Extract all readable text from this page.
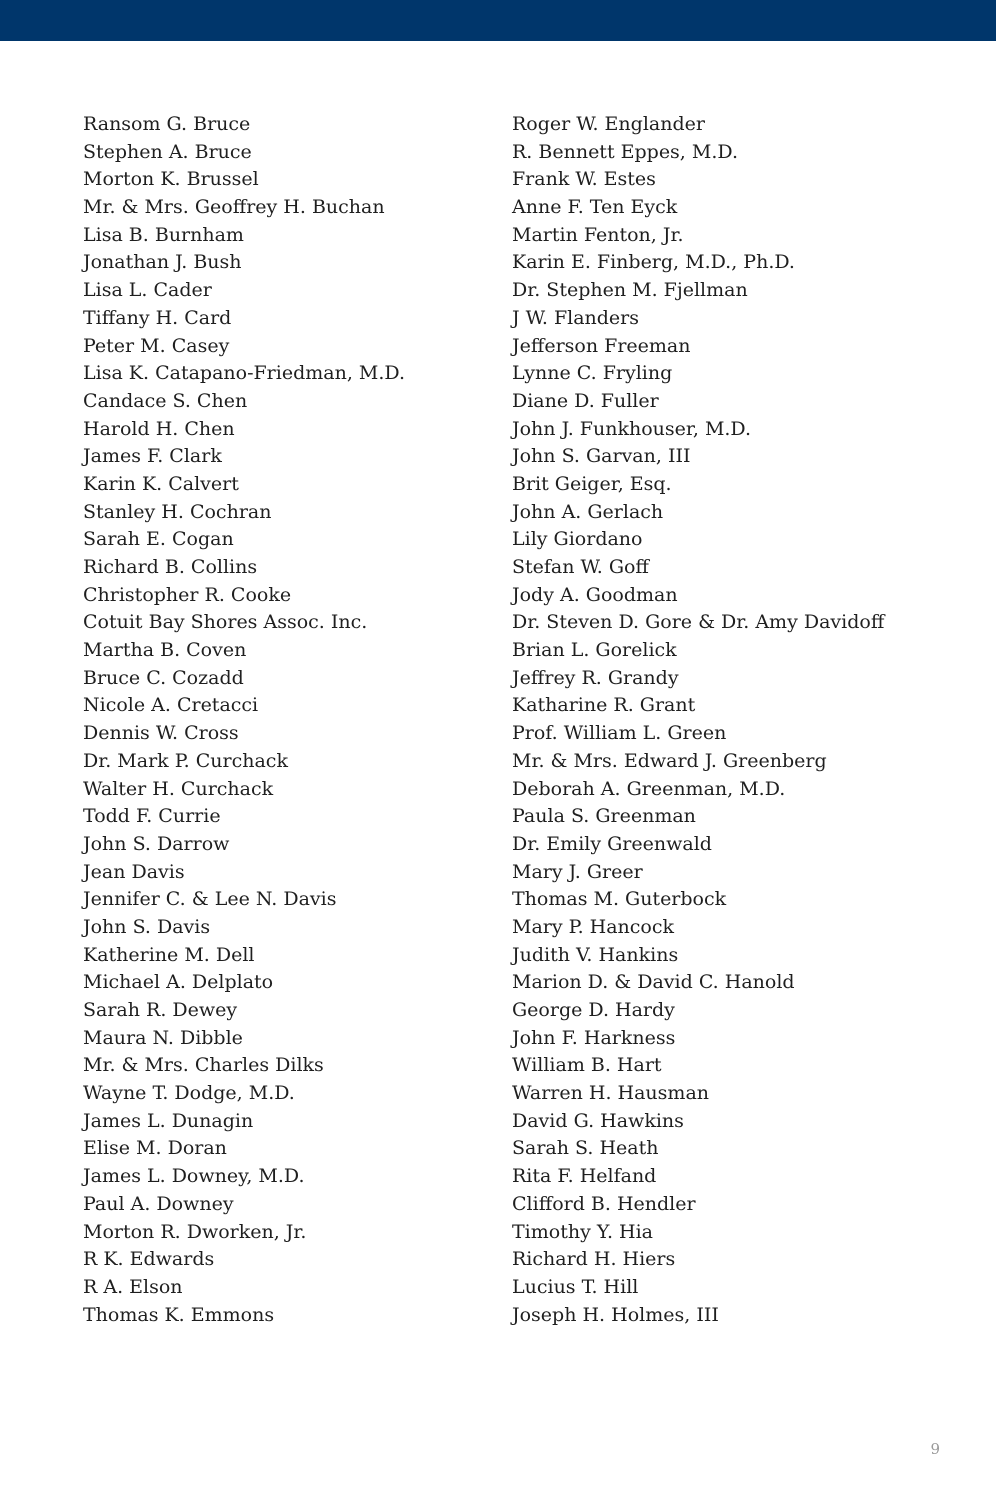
Ransom G. Bruce
Stephen A. Bruce
Morton K. Brussel
Mr. & Mrs. Geoffrey H. Buchan
Lisa B. Burnham
Jonathan J. Bush
Lisa L. Cader
Tiffany H. Card
Peter M. Casey
Lisa K. Catapano-Friedman, M.D.
Candace S. Chen
Harold H. Chen
James F. Clark
Karin K. Calvert
Stanley H. Cochran
Sarah E. Cogan
Richard B. Collins
Christopher R. Cooke
Cotuit Bay Shores Assoc. Inc.
Martha B. Coven
Bruce C. Cozadd
Nicole A. Cretacci
Dennis W. Cross
Dr. Mark P. Curchack
Walter H. Curchack
Todd F. Currie
John S. Darrow
Jean Davis
Jennifer C. & Lee N. Davis
John S. Davis
Katherine M. Dell
Michael A. Delplato
Sarah R. Dewey
Maura N. Dibble
Mr. & Mrs. Charles Dilks
Wayne T. Dodge, M.D.
James L. Dunagin
Elise M. Doran
James L. Downey, M.D.
Paul A. Downey
Morton R. Dworken, Jr.
R K. Edwards
R A. Elson
Thomas K. Emmons
Roger W. Englander
R. Bennett Eppes, M.D.
Frank W. Estes
Anne F. Ten Eyck
Martin Fenton, Jr.
Karin E. Finberg, M.D., Ph.D.
Dr. Stephen M. Fjellman
J W. Flanders
Jefferson Freeman
Lynne C. Fryling
Diane D. Fuller
John J. Funkhouser, M.D.
John S. Garvan, III
Brit Geiger, Esq.
John A. Gerlach
Lily Giordano
Stefan W. Goff
Jody A. Goodman
Dr. Steven D. Gore & Dr. Amy Davidoff
Brian L. Gorelick
Jeffrey R. Grandy
Katharine R. Grant
Prof. William L. Green
Mr. & Mrs. Edward J. Greenberg
Deborah A. Greenman, M.D.
Paula S. Greenman
Dr. Emily Greenwald
Mary J. Greer
Thomas M. Guterbock
Mary P. Hancock
Judith V. Hankins
Marion D. & David C. Hanold
George D. Hardy
John F. Harkness
William B. Hart
Warren H. Hausman
David G. Hawkins
Sarah S. Heath
Rita F. Helfand
Clifford B. Hendler
Timothy Y. Hia
Richard H. Hiers
Lucius T. Hill
Joseph H. Holmes, III
9
